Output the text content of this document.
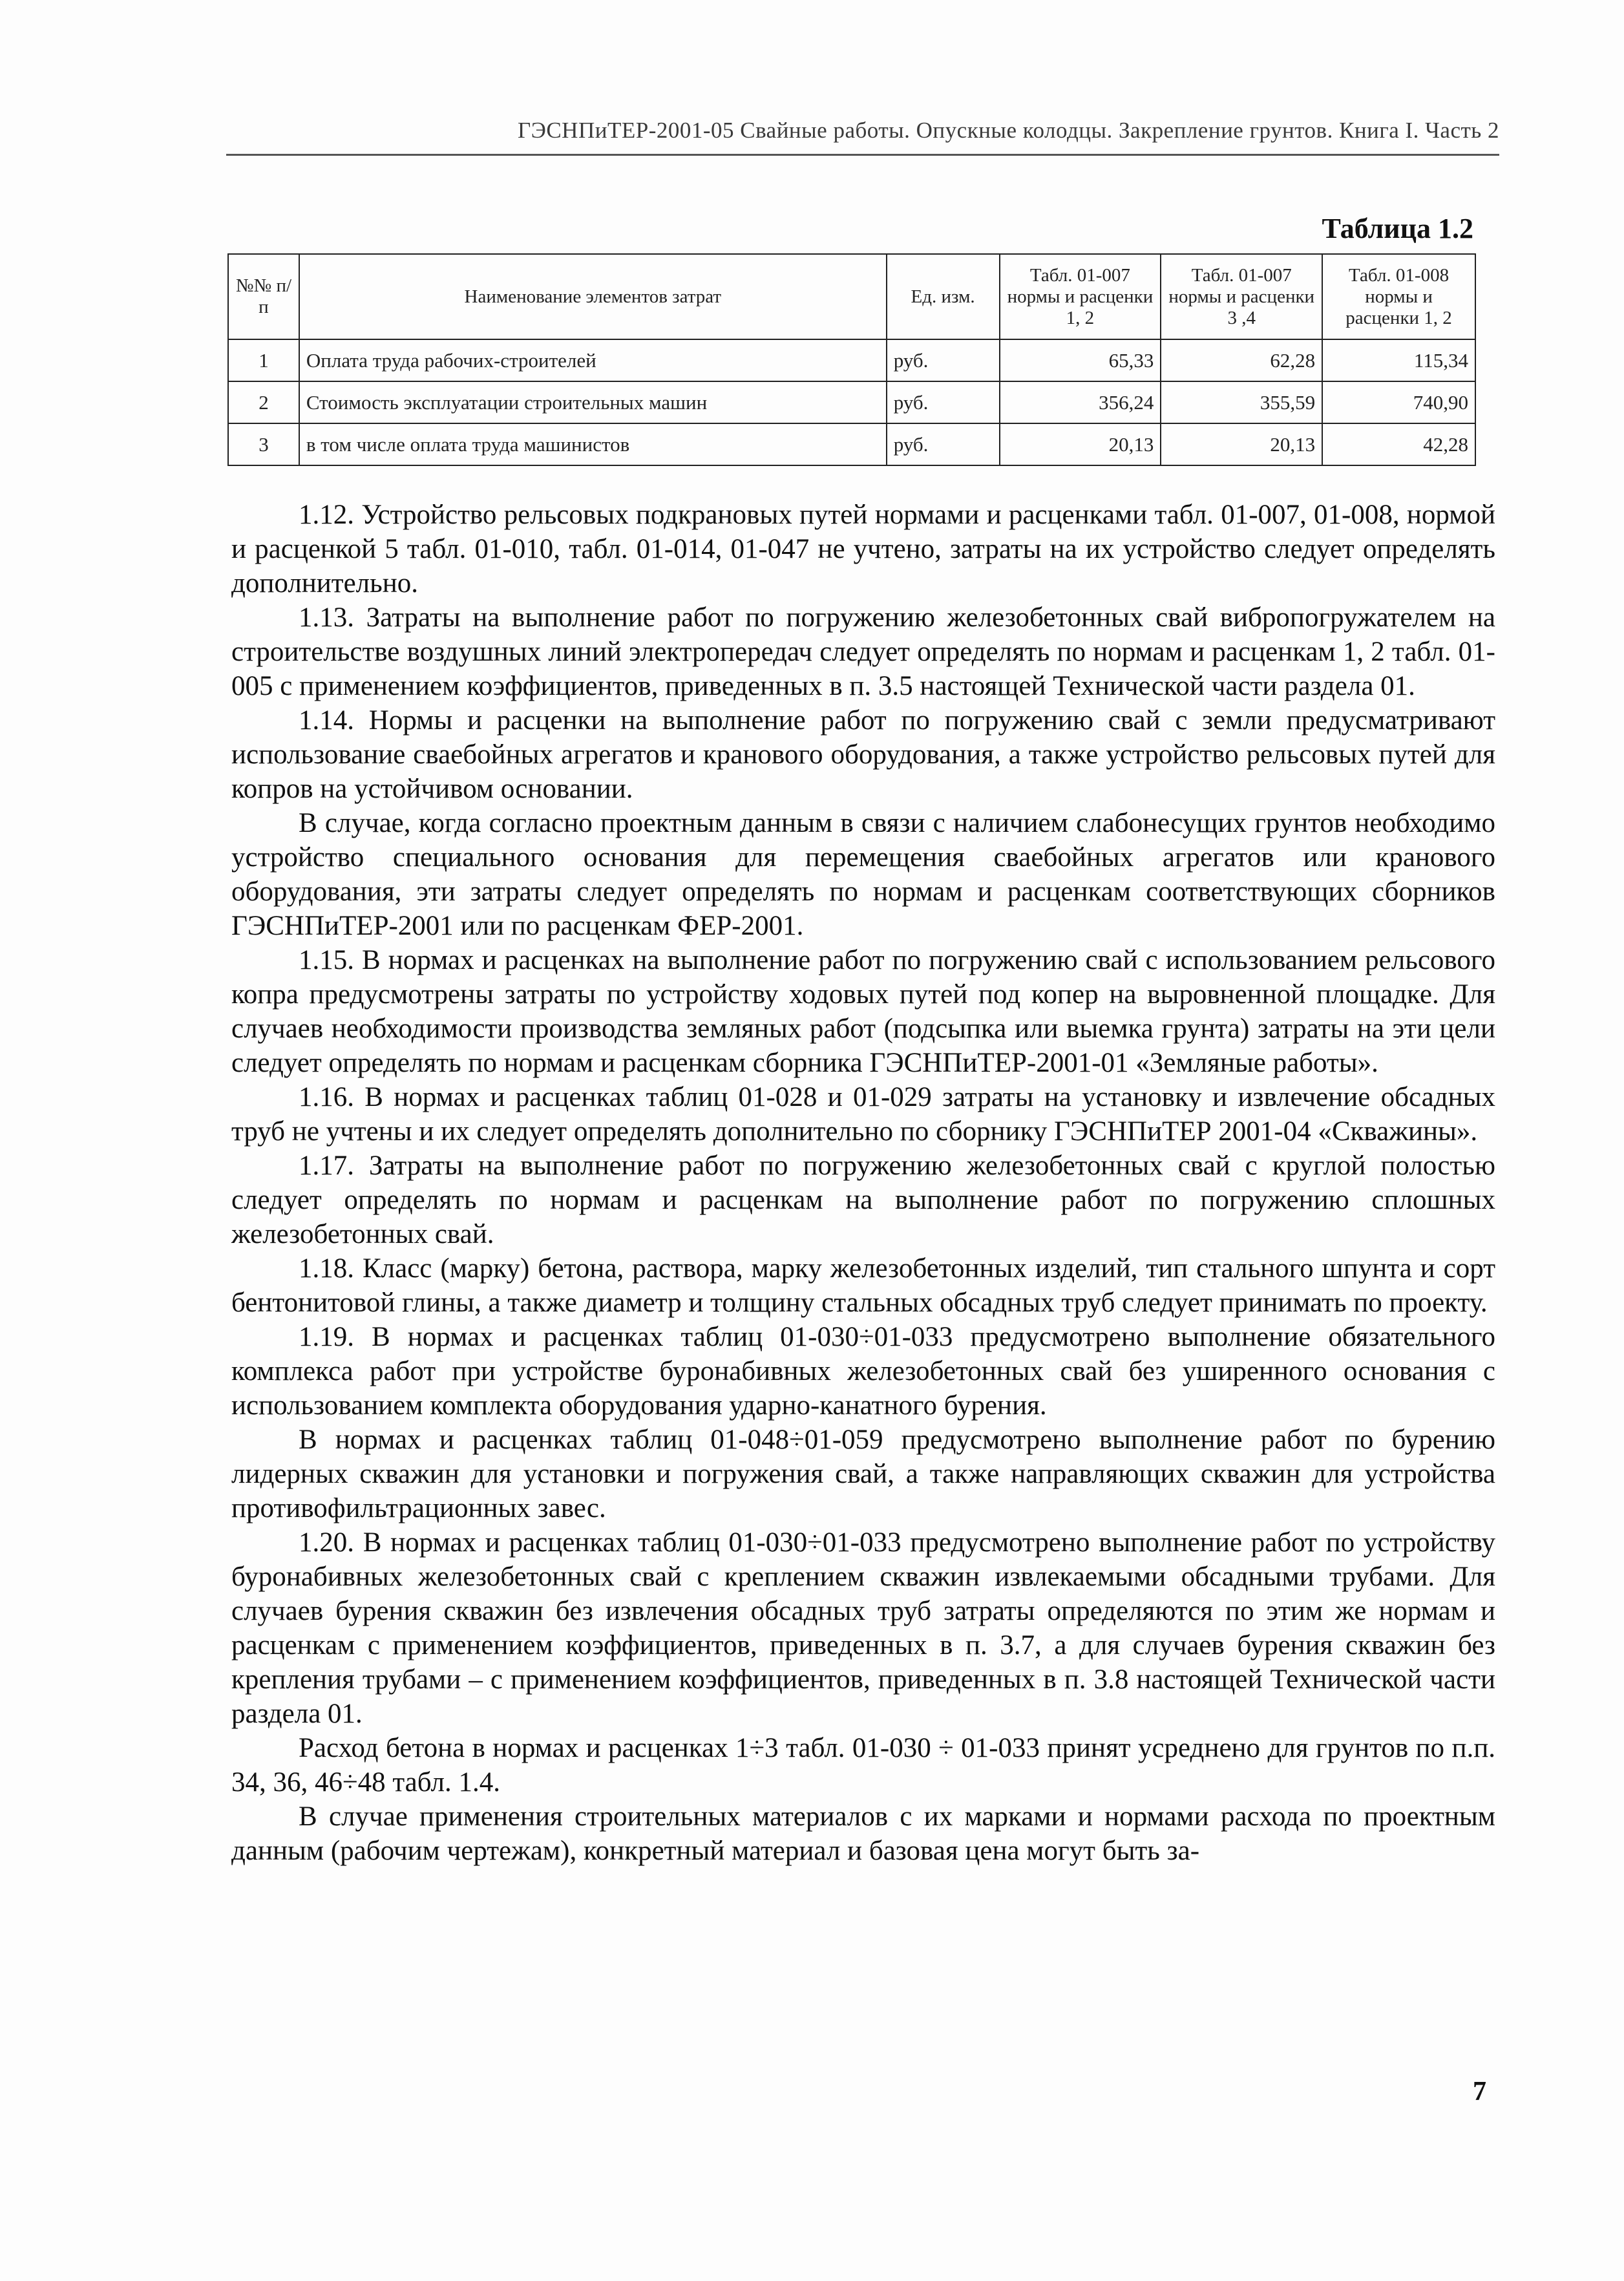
ГЭСНПиТЕР-2001-05 Свайные работы. Опускные колодцы. Закрепление грунтов. Книга I. Часть 2
Таблица 1.2
№№ п/п	Наименование элементов затрат	Ед. изм.	Табл. 01-007 нормы и расценки 1, 2	Табл. 01-007 нормы и расценки 3 ,4	Табл. 01-008 нормы и расценки 1, 2
1	Оплата труда рабочих-строителей	руб.	65,33	62,28	115,34
2	Стоимость эксплуатации строительных машин	руб.	356,24	355,59	740,90
3	в том числе оплата труда машинистов	руб.	20,13	20,13	42,28

1.12. Устройство рельсовых подкрановых путей нормами и расценками табл. 01-007, 01-008, нормой и расценкой 5 табл. 01-010, табл. 01-014, 01-047 не учтено, затраты на их устройство следует определять дополнительно.

1.13. Затраты на выполнение работ по погружению железобетонных свай вибропогружателем на строительстве воздушных линий электропередач следует определять по нормам и расценкам 1, 2 табл. 01-005 с применением коэффициентов, приведенных в п. 3.5 настоящей Технической части раздела 01.

1.14. Нормы и расценки на выполнение работ по погружению свай с земли предусматривают использование сваебойных агрегатов и кранового оборудования, а также устройство рельсовых путей для копров на устойчивом основании.

В случае, когда согласно проектным данным в связи с наличием слабонесущих грунтов необходимо устройство специального основания для перемещения сваебойных агрегатов или кранового оборудования, эти затраты следует определять по нормам и расценкам соответствующих сборников ГЭСНПиТЕР-2001 или по расценкам ФЕР-2001.

1.15. В нормах и расценках на выполнение работ по погружению свай с использованием рельсового копра предусмотрены затраты по устройству ходовых путей под копер на выровненной площадке. Для случаев необходимости производства земляных работ (подсыпка или выемка грунта) затраты на эти цели следует определять по нормам и расценкам сборника ГЭСНПиТЕР-2001-01 «Земляные работы».

1.16. В нормах и расценках таблиц 01-028 и 01-029 затраты на установку и извлечение обсадных труб не учтены и их следует определять дополнительно по сборнику ГЭСНПиТЕР 2001-04 «Скважины».

1.17. Затраты на выполнение работ по погружению железобетонных свай с круглой полостью следует определять по нормам и расценкам на выполнение работ по погружению сплошных железобетонных свай.

1.18. Класс (марку) бетона, раствора, марку железобетонных изделий, тип стального шпунта и сорт бентонитовой глины, а также диаметр и толщину стальных обсадных труб следует принимать по проекту.

1.19. В нормах и расценках таблиц 01-030÷01-033 предусмотрено выполнение обязательного комплекса работ при устройстве буронабивных железобетонных свай без уширенного основания с использованием комплекта оборудования ударно-канатного бурения.

В нормах и расценках таблиц 01-048÷01-059 предусмотрено выполнение работ по бурению лидерных скважин для установки и погружения свай, а также направляющих скважин для устройства противофильтрационных завес.

1.20. В нормах и расценках таблиц 01-030÷01-033 предусмотрено выполнение работ по устройству буронабивных железобетонных свай с креплением скважин извлекаемыми обсадными трубами. Для случаев бурения скважин без извлечения обсадных труб затраты определяются по этим же нормам и расценкам с применением коэффициентов, приведенных в п. 3.7, а для случаев бурения скважин без крепления трубами – с применением коэффициентов, приведенных в п. 3.8 настоящей Технической части раздела 01.

Расход бетона в нормах и расценках 1÷3 табл. 01-030 ÷ 01-033 принят усреднено для грунтов по п.п. 34, 36, 46÷48 табл. 1.4.

В случае применения строительных материалов с их марками и нормами расхода по проектным данным (рабочим чертежам), конкретный материал и базовая цена могут быть за-

7
